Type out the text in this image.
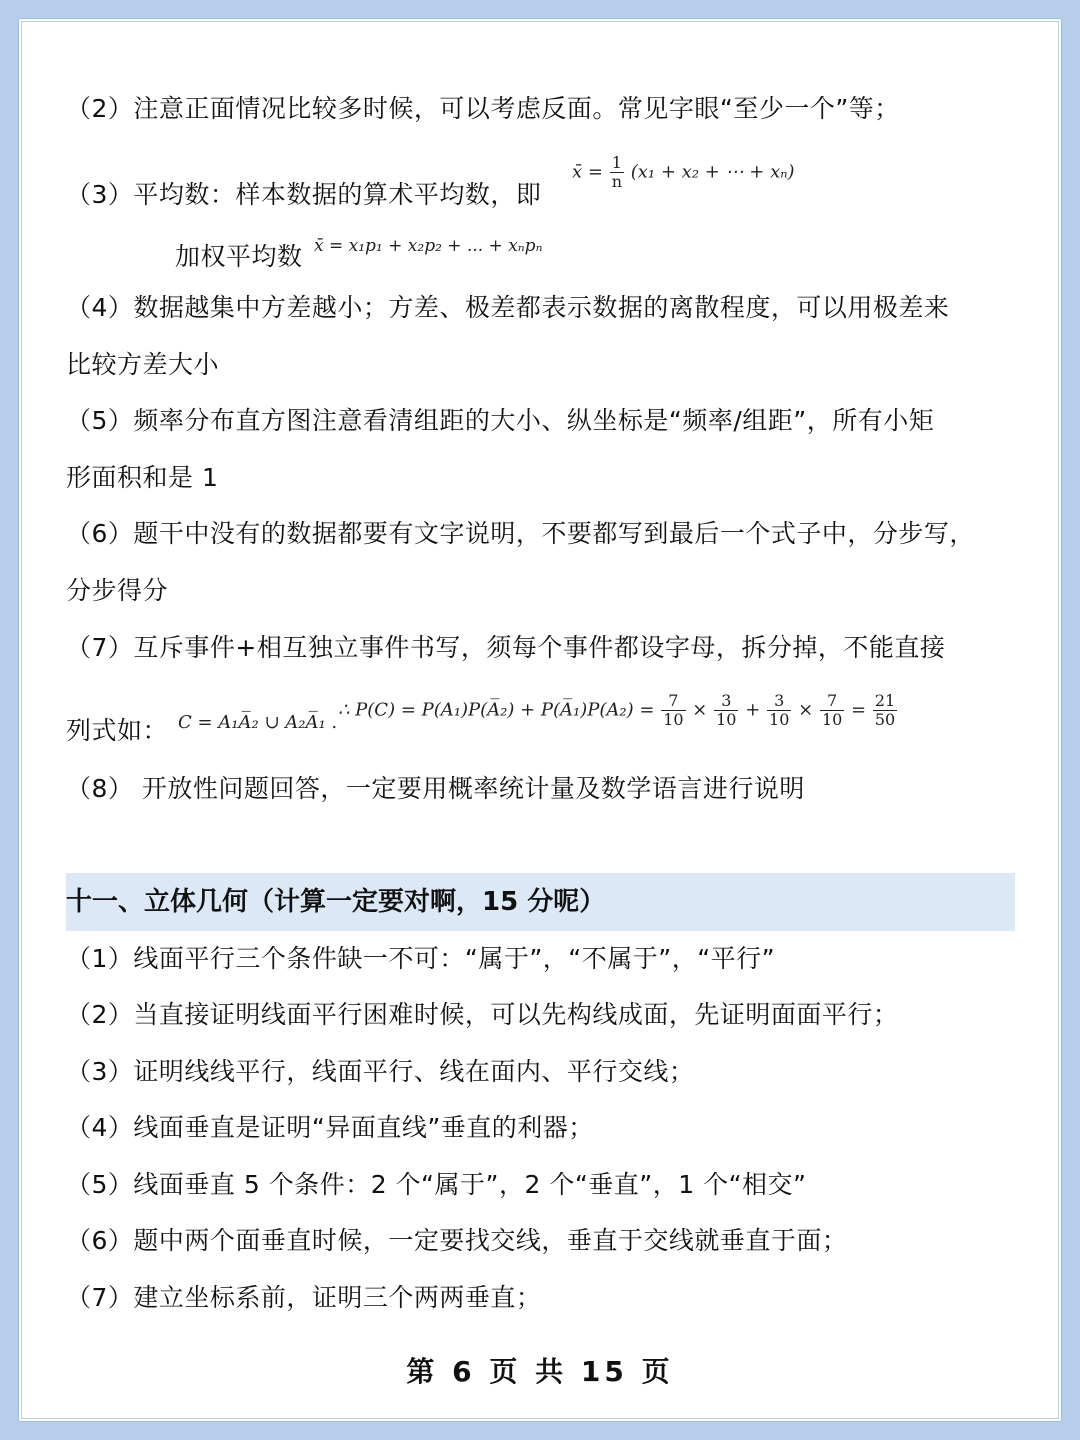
（2）注意正面情况比较多时候，可以考虑反面。常见字眼“至少一个”等；
（3）平均数：样本数据的算术平均数，即
x̄ = $\frac{1}{n} (x_1 + x_2$ + ⋯ + xₙ)
加权平均数 x̄ = x₁p₁ + x₂p₂ + ... + xₙpₙ
（4）数据越集中方差越小；方差、极差都表示数据的离散程度，可以用极差来
比较方差大小
（5）频率分布直方图注意看清组距的大小、纵坐标是“频率/组距”，所有小矩
形面积和是 1
（6）题干中没有的数据都要有文字说明，不要都写到最后一个式子中，分步写，
分步得分
（7）互斥事件+相互独立事件书写，须每个事件都设字母，拆分掉，不能直接
列式如： C = A₁A̅₂ ∪ A₂A̅₁ .
∴ P(C) = P(A₁)P(A̅₂) + P(A̅₁)P(A₂) = $\frac{7}{10} \times \frac{3}{10} + \frac{3}{10} \times \frac{7}{10} = \frac{21}{50}$
（8） 开放性问题回答，一定要用概率统计量及数学语言进行说明
十一、立体几何（计算一定要对啊，15 分呢）
（1）线面平行三个条件缺一不可：“属于”，“不属于”，“平行”
（2）当直接证明线面平行困难时候，可以先构线成面，先证明面面平行；
（3）证明线线平行，线面平行、线在面内、平行交线；
（4）线面垂直是证明“异面直线”垂直的利器；
（5）线面垂直 5 个条件：2 个“属于”，2 个“垂直”，1 个“相交”
（6）题中两个面垂直时候，一定要找交线，垂直于交线就垂直于面；
（7）建立坐标系前，证明三个两两垂直；
第 6 页 共 15 页
